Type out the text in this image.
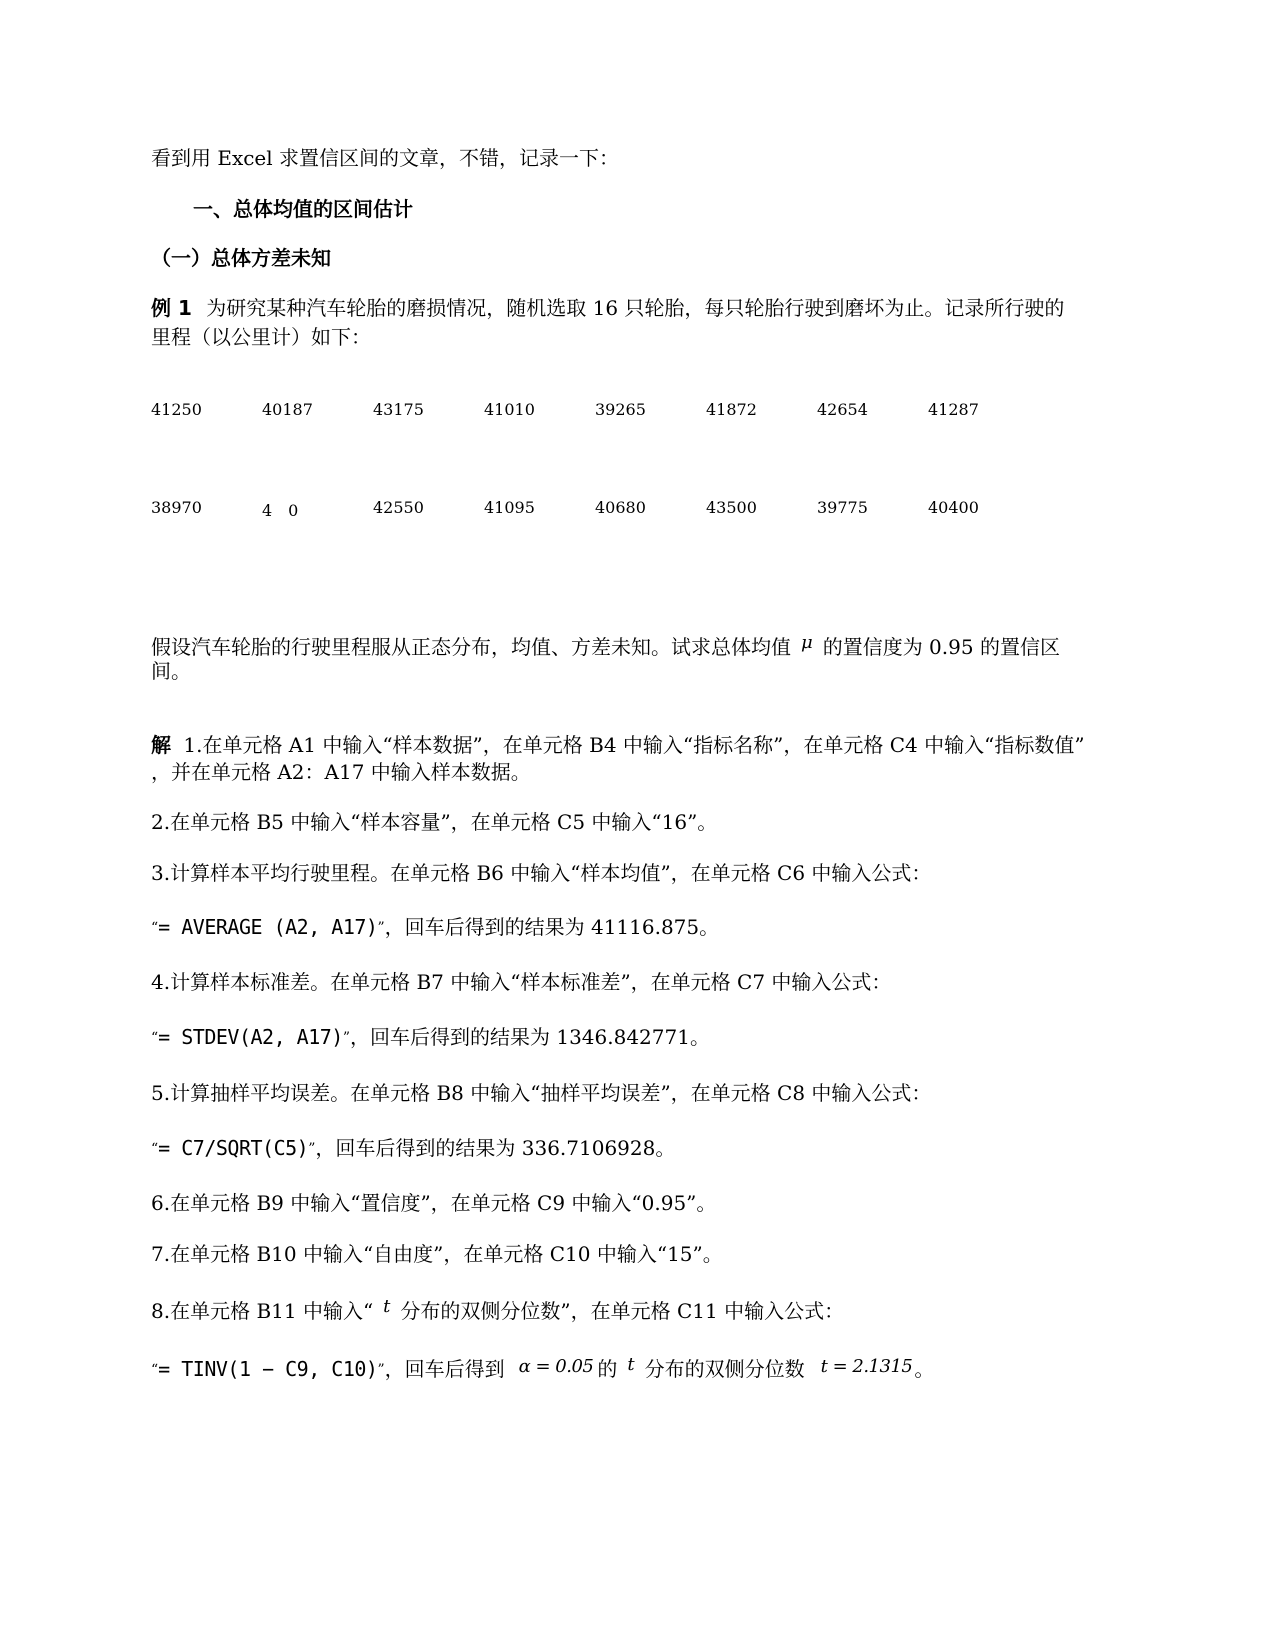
看到用 Excel 求置信区间的文章，不错，记录一下：
一、总体均值的区间估计
（一）总体方差未知
例 1 为研究某种汽车轮胎的磨损情况，随机选取 16 只轮胎，每只轮胎行驶到磨坏为止。记录所行驶的
里程（以公里计）如下：
41250	40187	43175	41010	39265	41872	42654	41287
38970	4　0	42550	41095	40680	43500	39775	40400
假设汽车轮胎的行驶里程服从正态分布，均值、方差未知。试求总体均值 μ 的置信度为 0.95 的置信区
间。
解 1.在单元格 A1 中输入“样本数据”，在单元格 B4 中输入“指标名称”，在单元格 C4 中输入“指标数值”
，并在单元格 A2：A17 中输入样本数据。
2.在单元格 B5 中输入“样本容量”，在单元格 C5 中输入“16”。
3.计算样本平均行驶里程。在单元格 B6 中输入“样本均值”，在单元格 C6 中输入公式：
“= AVERAGE (A2, A17)”，回车后得到的结果为 41116.875。
4.计算样本标准差。在单元格 B7 中输入“样本标准差”，在单元格 C7 中输入公式：
“= STDEV(A2, A17)”，回车后得到的结果为 1346.842771。
5.计算抽样平均误差。在单元格 B8 中输入“抽样平均误差”，在单元格 C8 中输入公式：
“= C7/SQRT(C5)”，回车后得到的结果为 336.7106928。
6.在单元格 B9 中输入“置信度”，在单元格 C9 中输入“0.95”。
7.在单元格 B10 中输入“自由度”，在单元格 C10 中输入“15”。
8.在单元格 B11 中输入“ t 分布的双侧分位数”，在单元格 C11 中输入公式：
“= TINV(1 − C9, C10)”，回车后得到 α = 0.05 的 t 分布的双侧分位数 t = 2.1315 。
